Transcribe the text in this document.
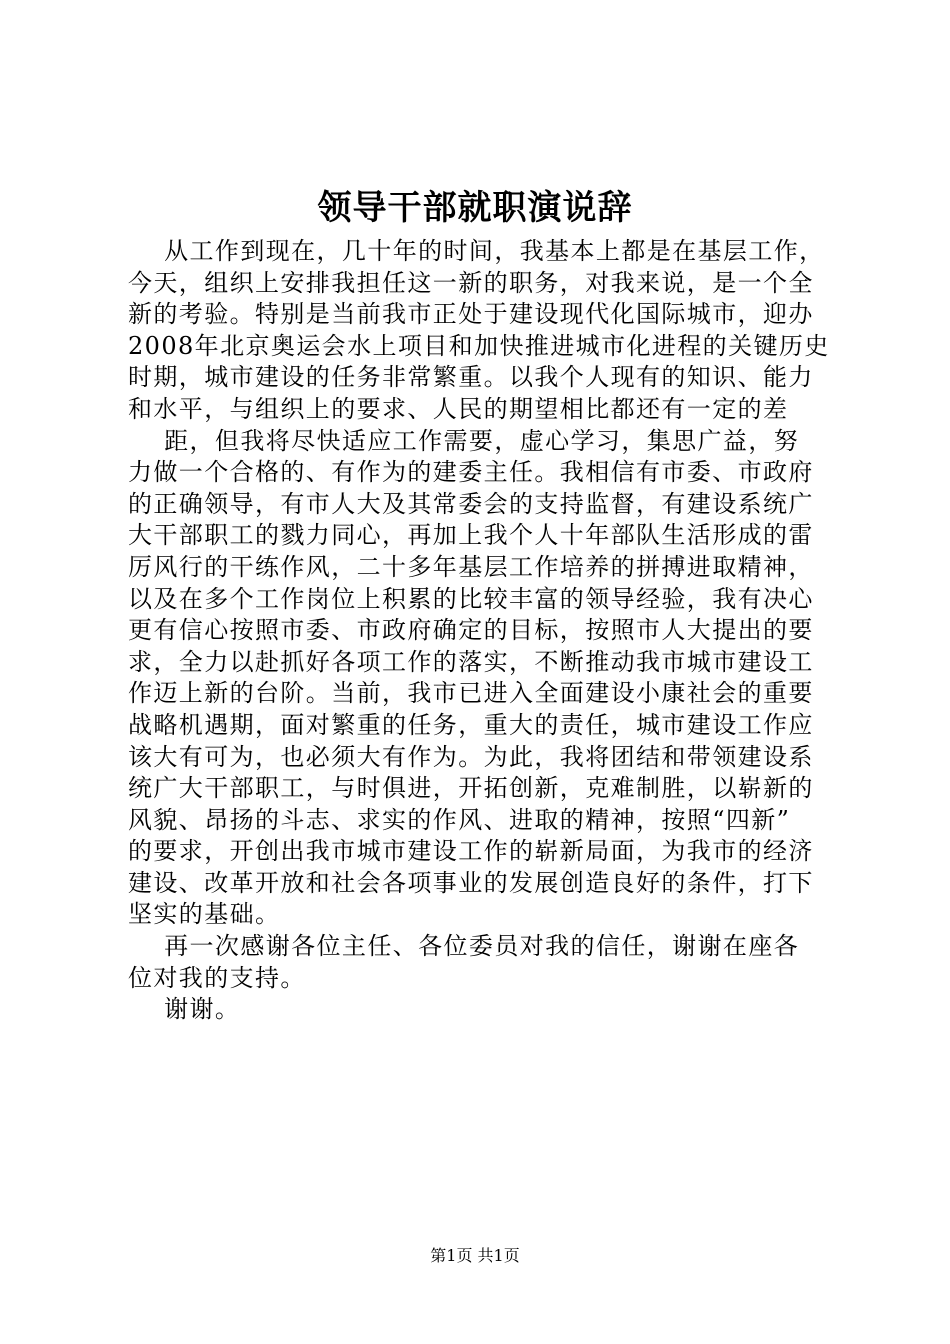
领导干部就职演说辞
从工作到现在，几十年的时间，我基本上都是在基层工作，
今天，组织上安排我担任这一新的职务，对我来说，是一个全
新的考验。特别是当前我市正处于建设现代化国际城市，迎办
2008年北京奥运会水上项目和加快推进城市化进程的关键历史
时期，城市建设的任务非常繁重。以我个人现有的知识、能力
和水平，与组织上的要求、人民的期望相比都还有一定的差
距，但我将尽快适应工作需要，虚心学习，集思广益，努
力做一个合格的、有作为的建委主任。我相信有市委、市政府
的正确领导，有市人大及其常委会的支持监督，有建设系统广
大干部职工的戮力同心，再加上我个人十年部队生活形成的雷
厉风行的干练作风，二十多年基层工作培养的拼搏进取精神，
以及在多个工作岗位上积累的比较丰富的领导经验，我有决心
更有信心按照市委、市政府确定的目标，按照市人大提出的要
求，全力以赴抓好各项工作的落实，不断推动我市城市建设工
作迈上新的台阶。当前，我市已进入全面建设小康社会的重要
战略机遇期，面对繁重的任务，重大的责任，城市建设工作应
该大有可为，也必须大有作为。为此，我将团结和带领建设系
统广大干部职工，与时俱进，开拓创新，克难制胜，以崭新的
风貌、昂扬的斗志、求实的作风、进取的精神，按照“四新”
的要求，开创出我市城市建设工作的崭新局面，为我市的经济
建设、改革开放和社会各项事业的发展创造良好的条件，打下
坚实的基础。
再一次感谢各位主任、各位委员对我的信任，谢谢在座各
位对我的支持。
谢谢。
第1页 共1页
